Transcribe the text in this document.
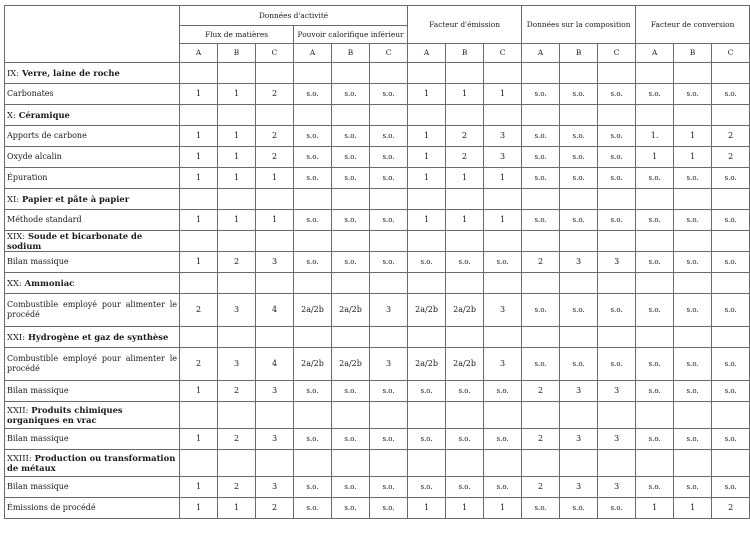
	Données d'activité						Facteur d'émission			Données sur la composition			Facteur de conversion		
	Flux de matières			Pouvoir calorifique inférieur											
	A	B	C	A	B	C	A	B	C	A	B	C	A	B	C
IX: Verre, laine de roche															
Carbonates	1	1	2	s.o.	s.o.	s.o.	1	1	1	s.o.	s.o.	s.o.	s.o.	s.o.	s.o.
X: Céramique															
Apports de carbone	1	1	2	s.o.	s.o.	s.o.	1	2	3	s.o.	s.o.	s.o.	1.	1	2
Oxyde alcalin	1	1	2	s.o.	s.o.	s.o.	1	2	3	s.o.	s.o.	s.o.	1	1	2
Épuration	1	1	1	s.o.	s.o.	s.o.	1	1	1	s.o.	s.o.	s.o.	s.o.	s.o.	s.o.
XI: Papier et pâte à papier															
Méthode standard	1	1	1	s.o.	s.o.	s.o.	1	1	1	s.o.	s.o.	s.o.	s.o.	s.o.	s.o.
XIX: Soude et bicarbonate de sodium															
Bilan massique	1	2	3	s.o.	s.o.	s.o.	s.o.	s.o.	s.o.	2	3	3	s.o.	s.o.	s.o.
XX: Ammoniac															
Combustible employé pour alimenter le procédé	2	3	4	2a/2b	2a/2b	3	2a/2b	2a/2b	3	s.o.	s.o.	s.o.	s.o.	s.o.	s.o.
XXI: Hydrogène et gaz de synthèse															
Combustible employé pour alimenter le procédé	2	3	4	2a/2b	2a/2b	3	2a/2b	2a/2b	3	s.o.	s.o.	s.o.	s.o.	s.o.	s.o.
Bilan massique	1	2	3	s.o.	s.o.	s.o.	s.o.	s.o.	s.o.	2	3	3	s.o.	s.o.	s.o.
XXII: Produits chimiques organiques en vrac															
Bilan massique	1	2	3	s.o.	s.o.	s.o.	s.o.	s.o.	s.o.	2	3	3	s.o.	s.o.	s.o.
XXIII: Production ou transformation de métaux															
Bilan massique	1	2	3	s.o.	s.o.	s.o.	s.o.	s.o.	s.o.	2	3	3	s.o.	s.o.	s.o.
Émissions de procédé	1	1	2	s.o.	s.o.	s.o.	1	1	1	s.o.	s.o.	s.o.	1	1	2
